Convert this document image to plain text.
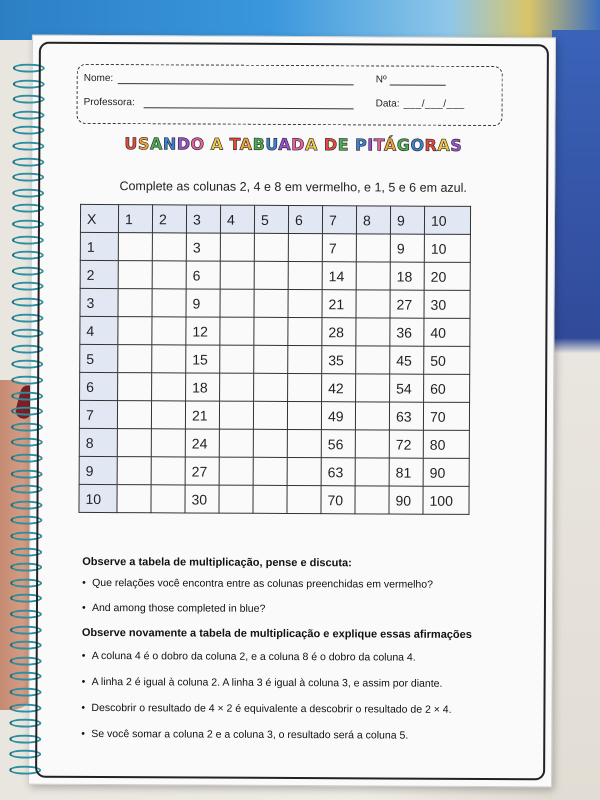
Nome:	Nº
Professora:	Data: ___/___/___
USANDO A TABUADA DE PITÁGORAS
Complete as colunas 2, 4 e 8 em vermelho, e 1, 5 e 6 em azul.
X	1	2	3	4	5	6	7	8	9	10
1			3				7		9	10
2			6				14		18	20
3			9				21		27	30
4			12				28		36	40
5			15				35		45	50
6			18				42		54	60
7			21				49		63	70
8			24				56		72	80
9			27				63		81	90
10			30				70		90	100
Observe a tabela de multiplicação, pense e discuta:
• Que relações você encontra entre as colunas preenchidas em vermelho?
• And among those completed in blue?
Observe novamente a tabela de multiplicação e explique essas afirmações
• A coluna 4 é o dobro da coluna 2, e a coluna 8 é o dobro da coluna 4.
• A linha 2 é igual à coluna 2. A linha 3 é igual à coluna 3, e assim por diante.
• Descobrir o resultado de 4 × 2 é equivalente a descobrir o resultado de 2 × 4.
• Se você somar a coluna 2 e a coluna 3, o resultado será a coluna 5.
